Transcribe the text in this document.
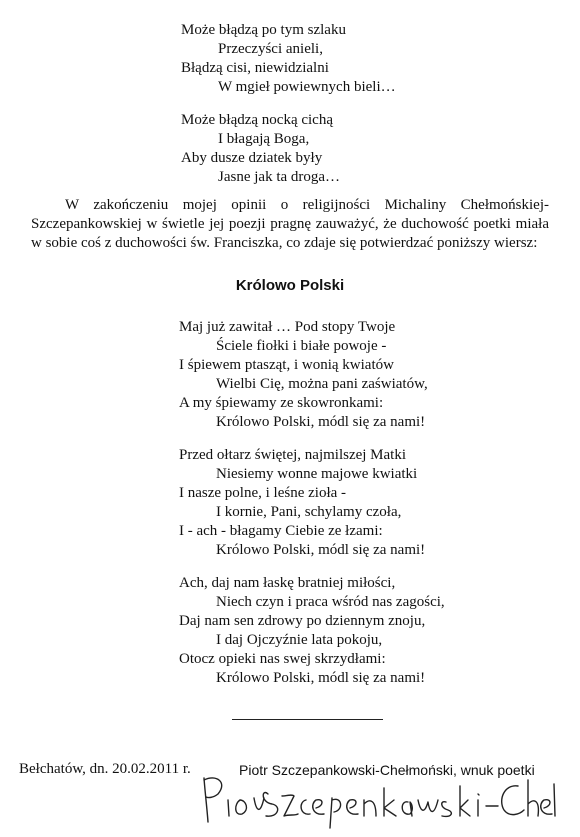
Może błądzą po tym szlaku
Przeczyści anieli,
Błądzą cisi, niewidzialni
W mgieł powiewnych bieli…
Może błądzą nocką cichą
I błagają Boga,
Aby dusze dziatek były
Jasne jak ta droga…

W zakończeniu mojej opinii o religijności Michaliny Chełmońskiej-Szczepankowskiej w świetle jej poezji pragnę zauważyć, że duchowość poetki miała w sobie coś z duchowości św. Franciszka, co zdaje się potwierdzać poniższy wiersz:

Królowo Polski
Maj już zawitał … Pod stopy Twoje
Ściele fiołki i białe powoje -
I śpiewem ptasząt, i wonią kwiatów
Wielbi Cię, można pani zaświatów,
A my śpiewamy ze skowronkami:
Królowo Polski, módl się za nami!
Przed ołtarz świętej, najmilszej Matki
Niesiemy wonne majowe kwiatki
I nasze polne, i leśne zioła -
I kornie, Pani, schylamy czoła,
I - ach - błagamy Ciebie ze łzami:
Królowo Polski, módl się za nami!
Ach, daj nam łaskę bratniej miłości,
Niech czyn i praca wśród nas zagości,
Daj nam sen zdrowy po dziennym znoju,
I daj Ojczyźnie lata pokoju,
Otocz opieki nas swej skrzydłami:
Królowo Polski, módl się za nami!
Bełchatów, dn. 20.02.2011 r.	Piotr Szczepankowski-Chełmoński, wnuk poetki
